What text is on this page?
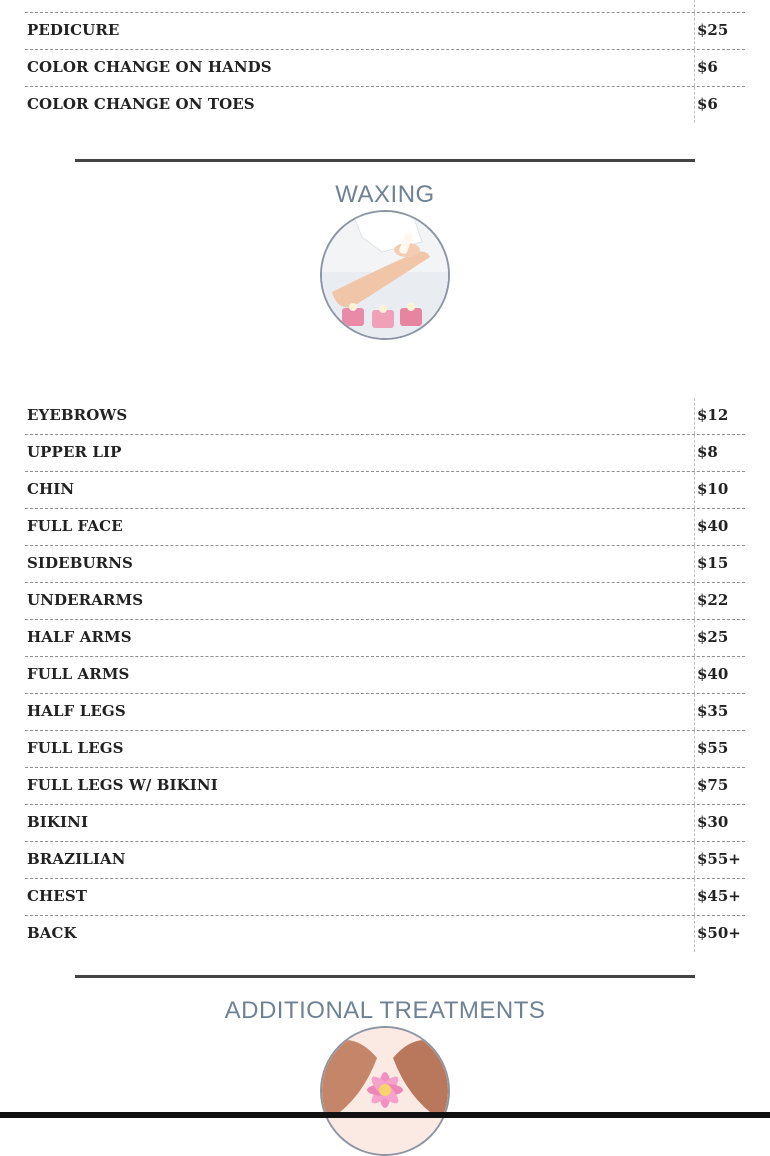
PEDICURE	$25
COLOR CHANGE ON HANDS	$6
COLOR CHANGE ON TOES	$6
WAXING
EYEBROWS	$12
UPPER LIP	$8
CHIN	$10
FULL FACE	$40
SIDEBURNS	$15
UNDERARMS	$22
HALF ARMS	$25
FULL ARMS	$40
HALF LEGS	$35
FULL LEGS	$55
FULL LEGS W/ BIKINI	$75
BIKINI	$30
BRAZILIAN	$55+
CHEST	$45+
BACK	$50+
ADDITIONAL TREATMENTS
